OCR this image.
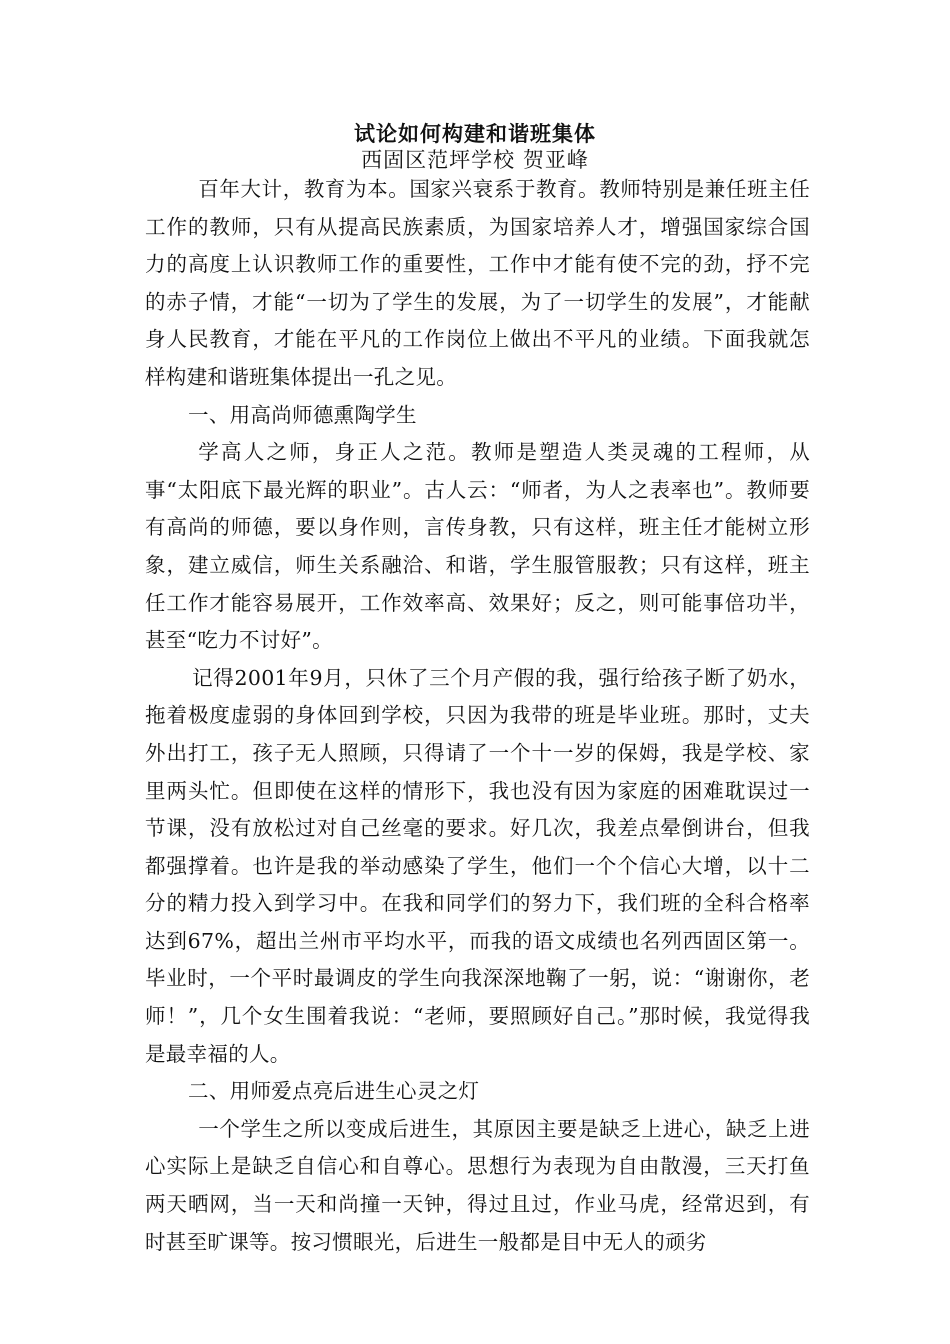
试论如何构建和谐班集体
西固区范坪学校 贺亚峰

百年大计，教育为本。国家兴衰系于教育。教师特别是兼任班主任工作的教师，只有从提高民族素质，为国家培养人才，增强国家综合国力的高度上认识教师工作的重要性，工作中才能有使不完的劲，抒不完的赤子情，才能“一切为了学生的发展，为了一切学生的发展”，才能献身人民教育，才能在平凡的工作岗位上做出不平凡的业绩。下面我就怎样构建和谐班集体提出一孔之见。

一、用高尚师德熏陶学生

学高人之师，身正人之范。教师是塑造人类灵魂的工程师，从事“太阳底下最光辉的职业”。古人云：“师者，为人之表率也”。教师要有高尚的师德，要以身作则，言传身教，只有这样，班主任才能树立形象，建立威信，师生关系融洽、和谐，学生服管服教；只有这样，班主任工作才能容易展开，工作效率高、效果好；反之，则可能事倍功半，甚至“吃力不讨好”。

记得2001年9月，只休了三个月产假的我，强行给孩子断了奶水，拖着极度虚弱的身体回到学校，只因为我带的班是毕业班。那时，丈夫外出打工，孩子无人照顾，只得请了一个十一岁的保姆，我是学校、家里两头忙。但即使在这样的情形下，我也没有因为家庭的困难耽误过一节课，没有放松过对自己丝毫的要求。好几次，我差点晕倒讲台，但我都强撑着。也许是我的举动感染了学生，他们一个个信心大增，以十二分的精力投入到学习中。在我和同学们的努力下，我们班的全科合格率达到67%，超出兰州市平均水平，而我的语文成绩也名列西固区第一。毕业时，一个平时最调皮的学生向我深深地鞠了一躬，说：“谢谢你，老师！”，几个女生围着我说：“老师，要照顾好自己。”那时候，我觉得我是最幸福的人。

二、用师爱点亮后进生心灵之灯

一个学生之所以变成后进生，其原因主要是缺乏上进心，缺乏上进心实际上是缺乏自信心和自尊心。思想行为表现为自由散漫，三天打鱼两天晒网，当一天和尚撞一天钟，得过且过，作业马虎，经常迟到，有时甚至旷课等。按习惯眼光，后进生一般都是目中无人的顽劣
